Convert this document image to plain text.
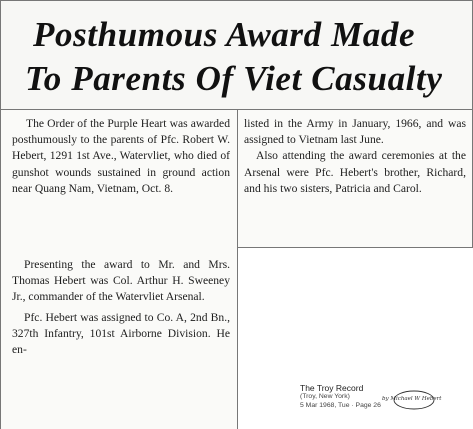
Posthumous Award Made
To Parents Of Viet Casualty

The Order of the Purple Heart was awarded posthumously to the parents of Pfc. Robert W. Hebert, 1291 1st Ave., Watervliet, who died of gunshot wounds sustained in ground action near Quang Nam, Vietnam, Oct. 8.

Presenting the award to Mr. and Mrs. Thomas Hebert was Col. Arthur H. Sweeney Jr., commander of the Watervliet Arsenal.

Pfc. Hebert was assigned to Co. A, 2nd Bn., 327th Infantry, 101st Airborne Division. He en-

listed in the Army in January, 1966, and was assigned to Vietnam last June.

Also attending the award ceremonies at the Arsenal were Pfc. Hebert's brother, Richard, and his two sisters, Patricia and Carol.

The Troy Record
(Troy, New York)
5 Mar 1968, Tue · Page 26
by Michael W Hebert
